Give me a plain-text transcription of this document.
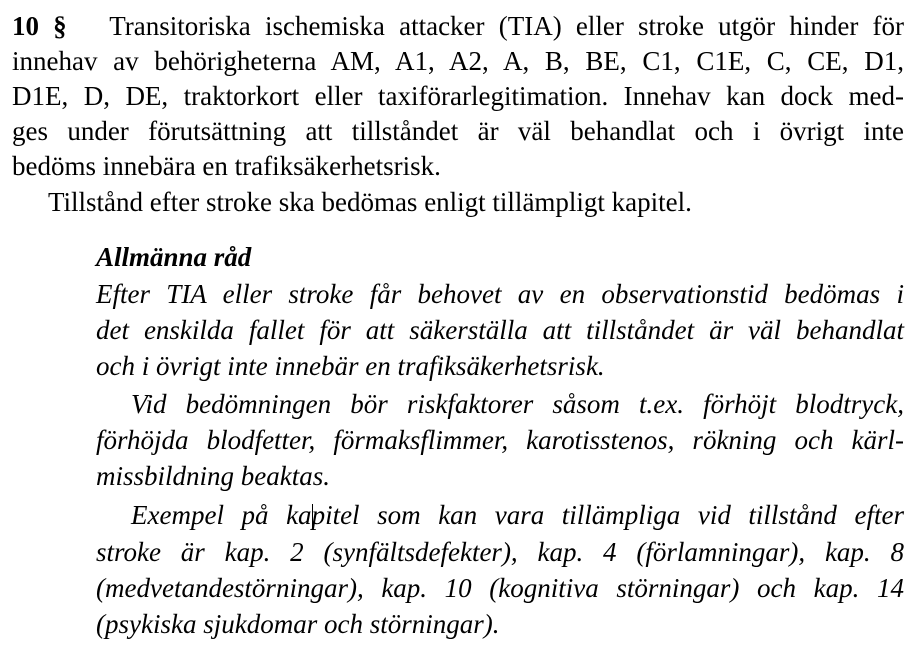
10 § Transitoriska ischemiska attacker (TIA) eller stroke utgör hinder för
innehav av behörigheterna AM, A1, A2, A, B, BE, C1, C1E, C, CE, D1,
D1E, D, DE, traktorkort eller taxiförarlegitimation. Innehav kan dock med-
ges under förutsättning att tillståndet är väl behandlat och i övrigt inte
bedöms innebära en trafiksäkerhetsrisk.
Tillstånd efter stroke ska bedömas enligt tillämpligt kapitel.
Allmänna råd
Efter TIA eller stroke får behovet av en observationstid bedömas i
det enskilda fallet för att säkerställa att tillståndet är väl behandlat
och i övrigt inte innebär en trafiksäkerhetsrisk.
Vid bedömningen bör riskfaktorer såsom t.ex. förhöjt blodtryck,
förhöjda blodfetter, förmaksflimmer, karotisstenos, rökning och kärl-
missbildning beaktas.
Exempel på kapitel som kan vara tillämpliga vid tillstånd efter
stroke är kap. 2 (synfältsdefekter), kap. 4 (förlamningar), kap. 8
(medvetandestörningar), kap. 10 (kognitiva störningar) och kap. 14
(psykiska sjukdomar och störningar).
